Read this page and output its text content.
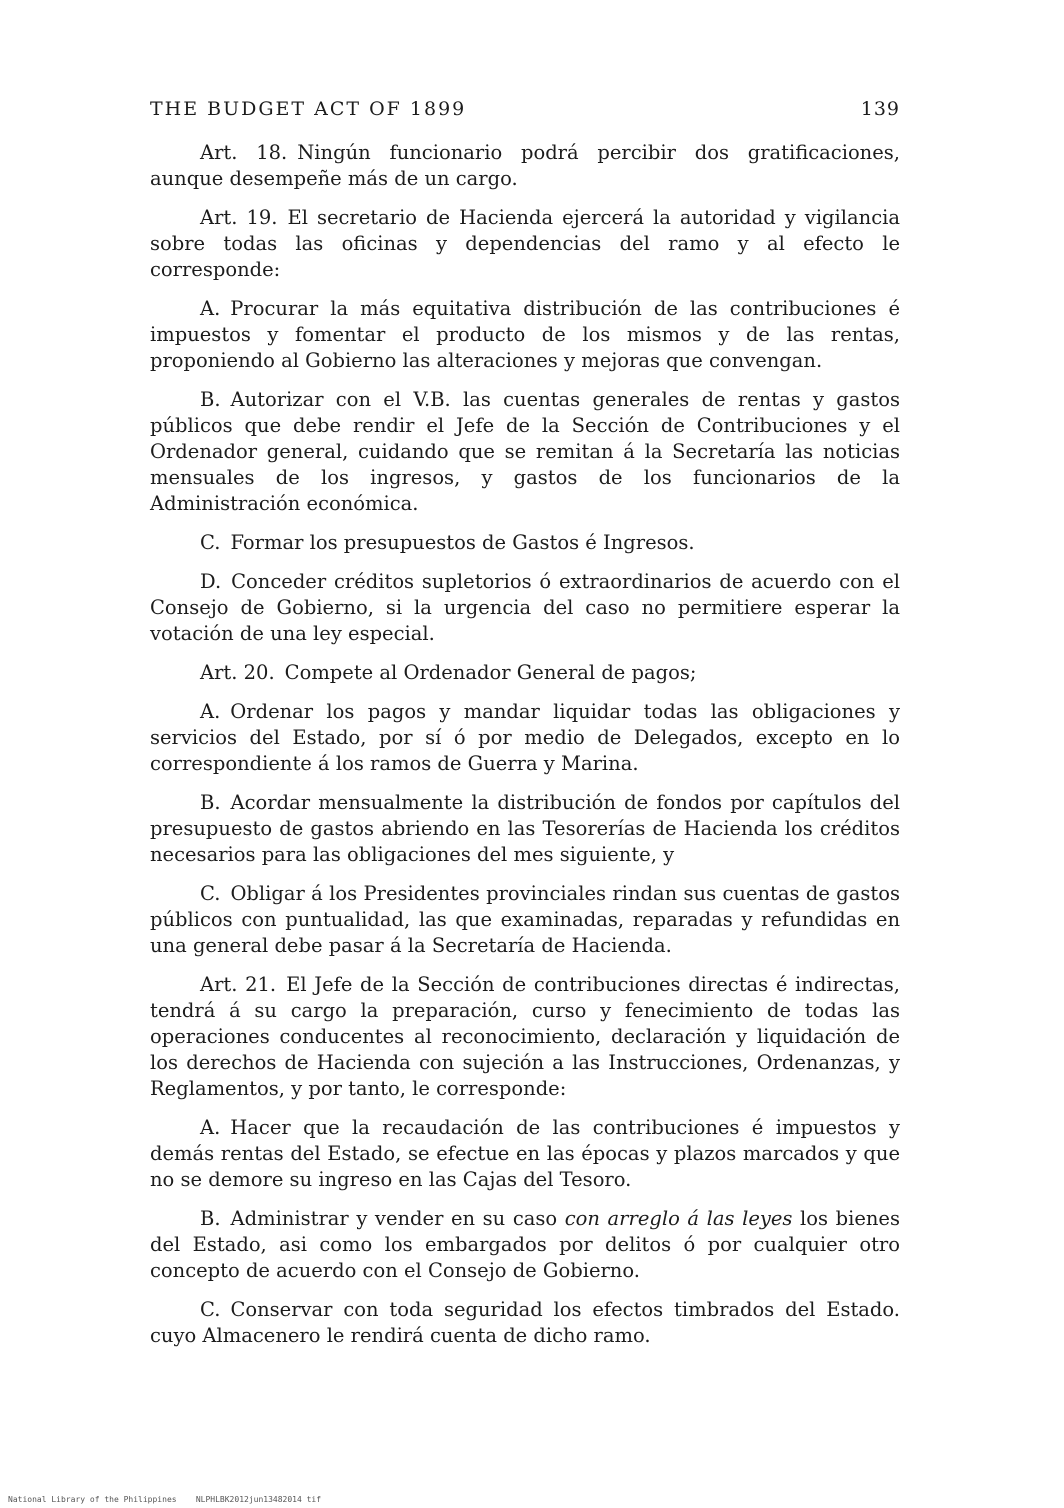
THE BUDGET ACT OF 1899	139

Art. 18. Ningún funcionario podrá percibir dos gratificaciones, aunque desempeñe más de un cargo.

Art. 19. El secretario de Hacienda ejercerá la autoridad y vigilancia sobre todas las oficinas y dependencias del ramo y al efecto le corresponde:

A. Procurar la más equitativa distribución de las contribuciones é impuestos y fomentar el producto de los mismos y de las rentas, proponiendo al Gobierno las alteraciones y mejoras que convengan.

B. Autorizar con el V.B. las cuentas generales de rentas y gastos públicos que debe rendir el Jefe de la Sección de Contribuciones y el Ordenador general, cuidando que se remitan á la Secretaría las noticias mensuales de los ingresos, y gastos de los funcionarios de la Administración económica.

C. Formar los presupuestos de Gastos é Ingresos.

D. Conceder créditos supletorios ó extraordinarios de acuerdo con el Consejo de Gobierno, si la urgencia del caso no permitiere esperar la votación de una ley especial.

Art. 20. Compete al Ordenador General de pagos;

A. Ordenar los pagos y mandar liquidar todas las obligaciones y servicios del Estado, por sí ó por medio de Delegados, excepto en lo correspondiente á los ramos de Guerra y Marina.

B. Acordar mensualmente la distribución de fondos por capítulos del presupuesto de gastos abriendo en las Tesorerías de Hacienda los créditos necesarios para las obligaciones del mes siguiente, y

C. Obligar á los Presidentes provinciales rindan sus cuentas de gastos públicos con puntualidad, las que examinadas, reparadas y refundidas en una general debe pasar á la Secretaría de Hacienda.

Art. 21. El Jefe de la Sección de contribuciones directas é indirectas, tendrá á su cargo la preparación, curso y fenecimiento de todas las operaciones conducentes al reconocimiento, declaración y liquidación de los derechos de Hacienda con sujeción a las Instrucciones, Ordenanzas, y Reglamentos, y por tanto, le corresponde:

A. Hacer que la recaudación de las contribuciones é impuestos y demás rentas del Estado, se efectue en las épocas y plazos marcados y que no se demore su ingreso en las Cajas del Tesoro.

B. Administrar y vender en su caso con arreglo á las leyes los bienes del Estado, asi como los embargados por delitos ó por cualquier otro concepto de acuerdo con el Consejo de Gobierno.

C. Conservar con toda seguridad los efectos timbrados del Estado. cuyo Almacenero le rendirá cuenta de dicho ramo.

National Library of the Philippines    NLPHLBK2012jun13482014 tif
